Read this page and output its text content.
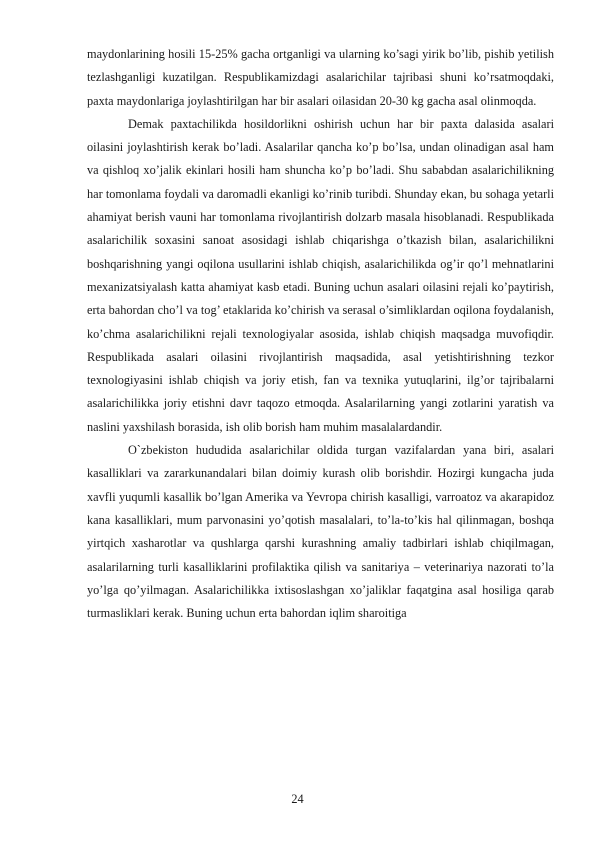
maydonlarining hosili 15-25% gacha ortganligi va ularning ko’sagi yirik bo’lib, pishib yetilish tezlashganligi kuzatilgan. Respublikamizdagi asalarichilar tajribasi shuni ko’rsatmoqdaki, paxta maydonlariga joylashtirilgan har bir asalari oilasidan 20-30 kg gacha asal olinmoqda.

Demak paxtachilikda hosildorlikni oshirish uchun har bir paxta dalasida asalari oilasini joylashtirish kerak bo’ladi. Asalarilar qancha ko’p bo’lsa, undan olinadigan asal ham va qishloq xo’jalik ekinlari hosili ham shuncha ko’p bo’ladi. Shu sababdan asalarichilikning har tomonlama foydali va daromadli ekanligi ko’rinib turibdi. Shunday ekan, bu sohaga yetarli ahamiyat berish vauni har tomonlama rivojlantirish dolzarb masala hisoblanadi. Respublikada asalarichilik soxasini sanoat asosidagi ishlab chiqarishga o’tkazish bilan, asalarichilikni boshqarishning yangi oqilona usullarini ishlab chiqish, asalarichilikda og’ir qo’l mehnatlarini mexanizatsiyalash katta ahamiyat kasb etadi. Buning uchun asalari oilasini rejali ko’paytirish, erta bahordan cho’l va tog’ etaklarida ko’chirish va serasal o’simliklardan oqilona foydalanish, ko’chma asalarichilikni rejali texnologiyalar asosida, ishlab chiqish maqsadga muvofiqdir. Respublikada asalari oilasini rivojlantirish maqsadida, asal yetishtirishning tezkor texnologiyasini ishlab chiqish va joriy etish, fan va texnika yutuqlarini, ilg’or tajribalarni asalarichilikka joriy etishni davr taqozo etmoqda. Asalarilarning yangi zotlarini yaratish va naslini yaxshilash borasida, ish olib borish ham muhim masalalardandir.

O`zbekiston hududida asalarichilar oldida turgan vazifalardan yana biri, asalari kasalliklari va zararkunandalari bilan doimiy kurash olib borishdir. Hozirgi kungacha juda xavfli yuqumli kasallik bo’lgan Amerika va Yevropa chirish kasalligi, varroatoz va akarapidoz kana kasalliklari, mum parvonasini yo’qotish masalalari, to’la-to’kis hal qilinmagan, boshqa yirtqich xasharotlar va qushlarga qarshi kurashning amaliy tadbirlari ishlab chiqilmagan, asalarilarning turli kasalliklarini profilaktika qilish va sanitariya – veterinariya nazorati to’la yo’lga qo’yilmagan. Asalarichilikka ixtisoslashgan xo’jaliklar faqatgina asal hosiliga qarab turmasliklari kerak. Buning uchun erta bahordan iqlim sharoitiga

24
